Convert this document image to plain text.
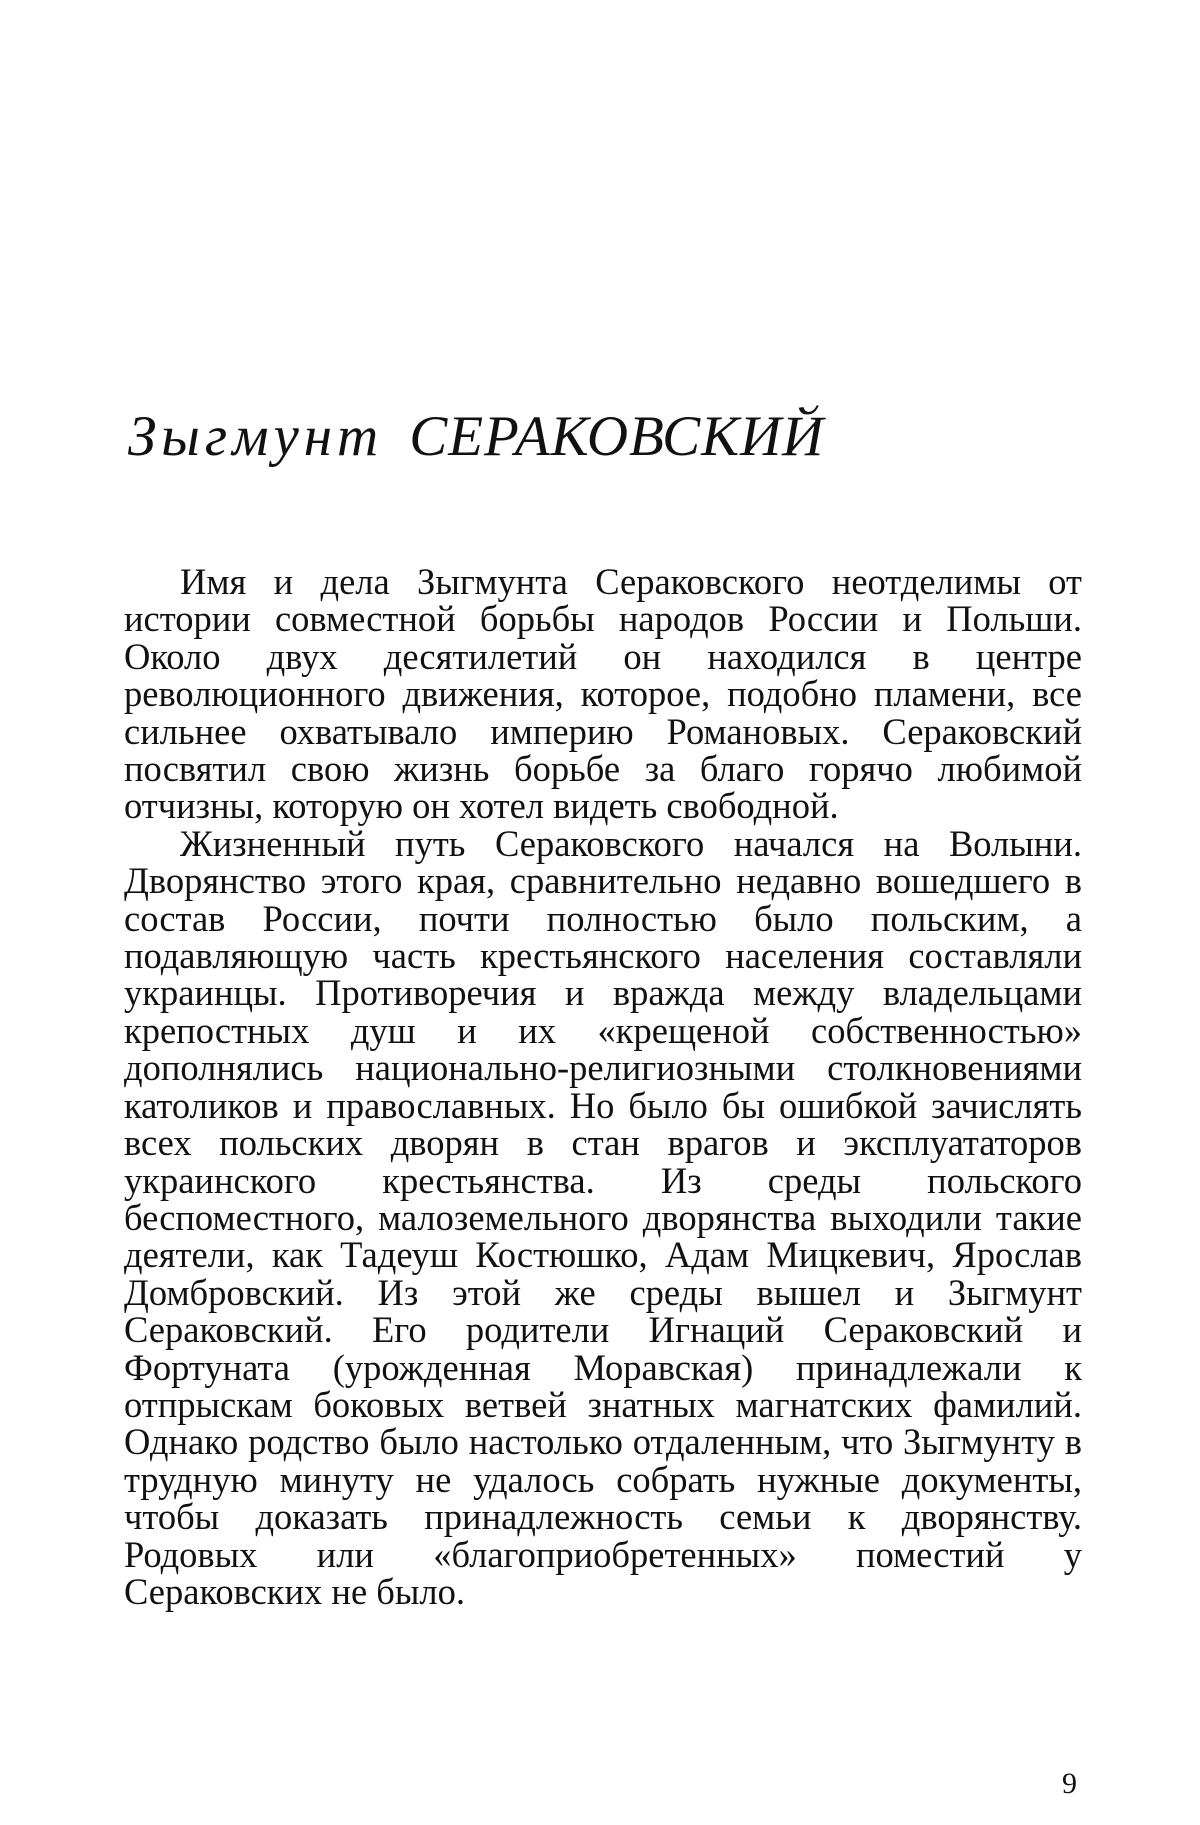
Зыгмунт СЕРАКОВСКИЙ

Имя и дела Зыгмунта Сераковского неотделимы от истории совместной борьбы народов России и Польши. Около двух десятилетий он находился в центре революционного движения, которое, подобно пламени, все сильнее охватывало империю Романовых. Сераковский посвятил свою жизнь борьбе за благо горячо любимой отчизны, которую он хотел видеть свободной.

Жизненный путь Сераковского начался на Волыни. Дворянство этого края, сравнительно недавно вошедшего в состав России, почти полностью было польским, а подавляющую часть крестьянского населения составляли украинцы. Противоречия и вражда между владельцами крепостных душ и их «крещеной собственностью» дополнялись национально-религиозными столкновениями католиков и православных. Но было бы ошибкой зачислять всех польских дворян в стан врагов и эксплуататоров украинского крестьянства. Из среды польского беспоместного, малоземельного дворянства выходили такие деятели, как Тадеуш Костюшко, Адам Мицкевич, Ярослав Домбровский. Из этой же среды вышел и Зыгмунт Сераковский. Его родители Игнаций Сераковский и Фортуната (урожденная Моравская) принадлежали к отпрыскам боковых ветвей знатных магнатских фамилий. Однако родство было настолько отдаленным, что Зыгмунту в трудную минуту не удалось собрать нужные документы, чтобы доказать принадлежность семьи к дворянству. Родовых или «благоприобретенных» поместий у Сераковских не было.

9
